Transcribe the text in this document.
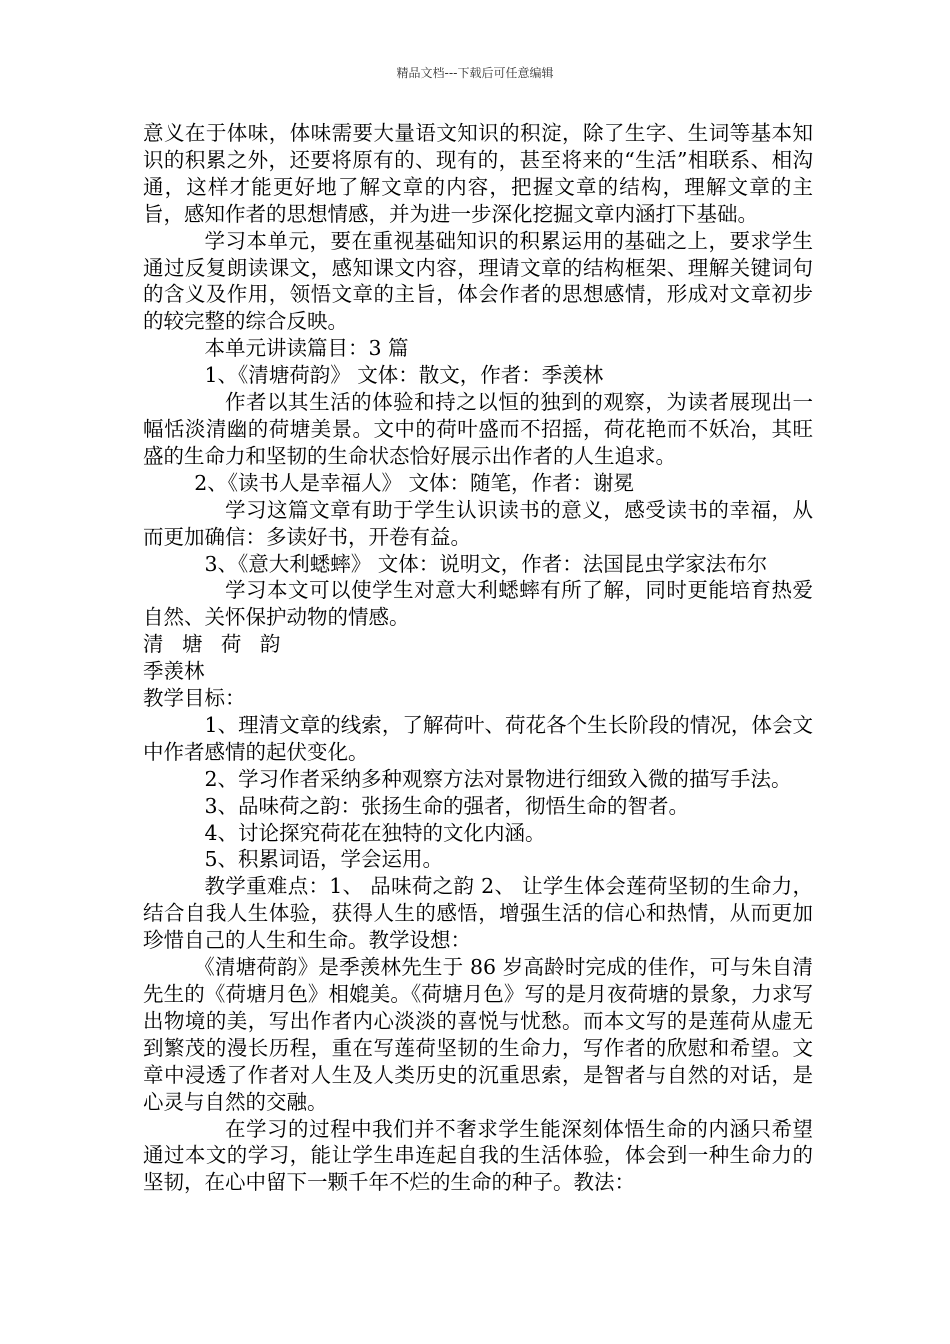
精品文档---下载后可任意编辑

意义在于体味，体味需要大量语文知识的积淀，除了生字、生词等基本知识的积累之外，还要将原有的、现有的，甚至将来的“生活”相联系、相沟通，这样才能更好地了解文章的内容，把握文章的结构，理解文章的主旨，感知作者的思想情感，并为进一步深化挖掘文章内涵打下基础。

学习本单元，要在重视基础知识的积累运用的基础之上，要求学生通过反复朗读课文，感知课文内容，理请文章的结构框架、理解关键词句的含义及作用，领悟文章的主旨，体会作者的思想感情，形成对文章初步的较完整的综合反映。

本单元讲读篇目：3 篇

1、《清塘荷韵》 文体：散文，作者：季羡林

作者以其生活的体验和持之以恒的独到的观察，为读者展现出一幅恬淡清幽的荷塘美景。文中的荷叶盛而不招摇，荷花艳而不妖冶，其旺盛的生命力和坚韧的生命状态恰好展示出作者的人生追求。

2、《读书人是幸福人》 文体：随笔，作者：谢冕

学习这篇文章有助于学生认识读书的意义，感受读书的幸福，从而更加确信：多读好书，开卷有益。

3、《意大利蟋蟀》 文体：说明文，作者：法国昆虫学家法布尔

学习本文可以使学生对意大利蟋蟀有所了解，同时更能培育热爱自然、关怀保护动物的情感。

清塘荷韵

季羡林

教学目标：

1、理清文章的线索，了解荷叶、荷花各个生长阶段的情况，体会文中作者感情的起伏变化。

2、学习作者采纳多种观察方法对景物进行细致入微的描写手法。

3、品味荷之韵：张扬生命的强者，彻悟生命的智者。

4、讨论探究荷花在独特的文化内涵。

5、积累词语，学会运用。

教学重难点：1、 品味荷之韵 2、 让学生体会莲荷坚韧的生命力，结合自我人生体验，获得人生的感悟，增强生活的信心和热情，从而更加珍惜自己的人生和生命。教学设想：

《清塘荷韵》是季羡林先生于 86 岁高龄时完成的佳作，可与朱自清先生的《荷塘月色》相媲美。《荷塘月色》写的是月夜荷塘的景象，力求写出物境的美，写出作者内心淡淡的喜悦与忧愁。而本文写的是莲荷从虚无到繁茂的漫长历程，重在写莲荷坚韧的生命力，写作者的欣慰和希望。文章中浸透了作者对人生及人类历史的沉重思索，是智者与自然的对话，是心灵与自然的交融。

在学习的过程中我们并不奢求学生能深刻体悟生命的内涵只希望通过本文的学习，能让学生串连起自我的生活体验，体会到一种生命力的坚韧，在心中留下一颗千年不烂的生命的种子。教法：
